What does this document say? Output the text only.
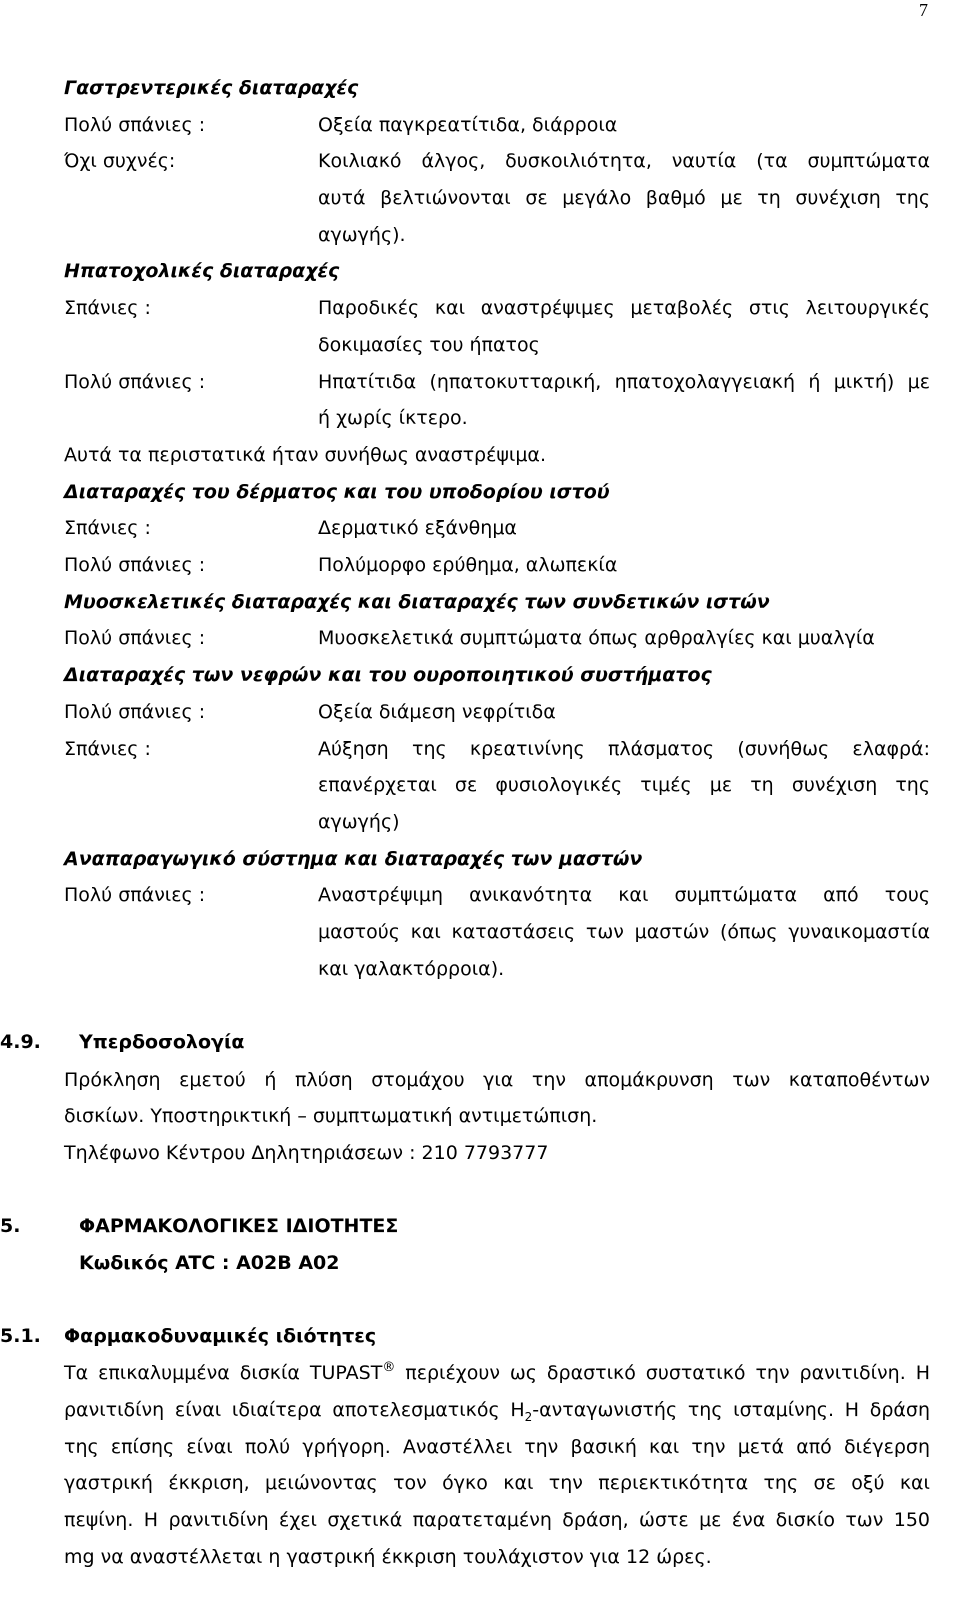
7
Γαστρεντερικές διαταραχές
Πολύ σπάνιες :	Οξεία παγκρεατίτιδα, διάρροια
Όχι συχνές:	Κοιλιακό άλγος, δυσκοιλιότητα, ναυτία (τα συμπτώματα
αυτά βελτιώνονται σε μεγάλο βαθμό με τη συνέχιση της
αγωγής).
Ηπατοχολικές διαταραχές
Σπάνιες :	Παροδικές και αναστρέψιμες μεταβολές στις λειτουργικές
δοκιμασίες του ήπατος
Πολύ σπάνιες :	Ηπατίτιδα (ηπατοκυτταρική, ηπατοχολαγγειακή ή μικτή) με
ή χωρίς ίκτερο.
Αυτά τα περιστατικά ήταν συνήθως αναστρέψιμα.
Διαταραχές του δέρματος και του υποδορίου ιστού
Σπάνιες :	Δερματικό εξάνθημα
Πολύ σπάνιες :	Πολύμορφο ερύθημα, αλωπεκία
Μυοσκελετικές διαταραχές και διαταραχές των συνδετικών ιστών
Πολύ σπάνιες :	Μυοσκελετικά συμπτώματα όπως αρθραλγίες και μυαλγία
Διαταραχές των νεφρών και του ουροποιητικού συστήματος
Πολύ σπάνιες :	Οξεία διάμεση νεφρίτιδα
Σπάνιες :	Αύξηση της κρεατινίνης πλάσματος (συνήθως ελαφρά:
επανέρχεται σε φυσιολογικές τιμές με τη συνέχιση της
αγωγής)
Αναπαραγωγικό σύστημα και διαταραχές των μαστών
Πολύ σπάνιες :	Αναστρέψιμη ανικανότητα και συμπτώματα από τους
μαστούς και καταστάσεις των μαστών (όπως γυναικομαστία
και γαλακτόρροια).
4.9. Υπερδοσολογία
Πρόκληση εμετού ή πλύση στομάχου για την απομάκρυνση των καταποθέντων
δισκίων. Υποστηρικτική – συμπτωματική αντιμετώπιση.
Τηλέφωνο Κέντρου Δηλητηριάσεων : 210 7793777
5.	ΦΑΡΜΑΚΟΛΟΓΙΚΕΣ ΙΔΙΟΤΗΤΕΣ
Κωδικός ATC : A02B A02
5.1. Φαρμακοδυναμικές ιδιότητες
Τα επικαλυμμένα δισκία TUPAST® περιέχουν ως δραστικό συστατικό την ρανιτιδίνη. Η
ρανιτιδίνη είναι ιδιαίτερα αποτελεσματικός $H_2$-ανταγωνιστής της ισταμίνης. Η δράση
της επίσης είναι πολύ γρήγορη. Αναστέλλει την βασική και την μετά από διέγερση
γαστρική έκκριση, μειώνοντας τον όγκο και την περιεκτικότητα της σε οξύ και
πεψίνη. Η ρανιτιδίνη έχει σχετικά παρατεταμένη δράση, ώστε με ένα δισκίο των 150
mg να αναστέλλεται η γαστρική έκκριση τουλάχιστον για 12 ώρες.
